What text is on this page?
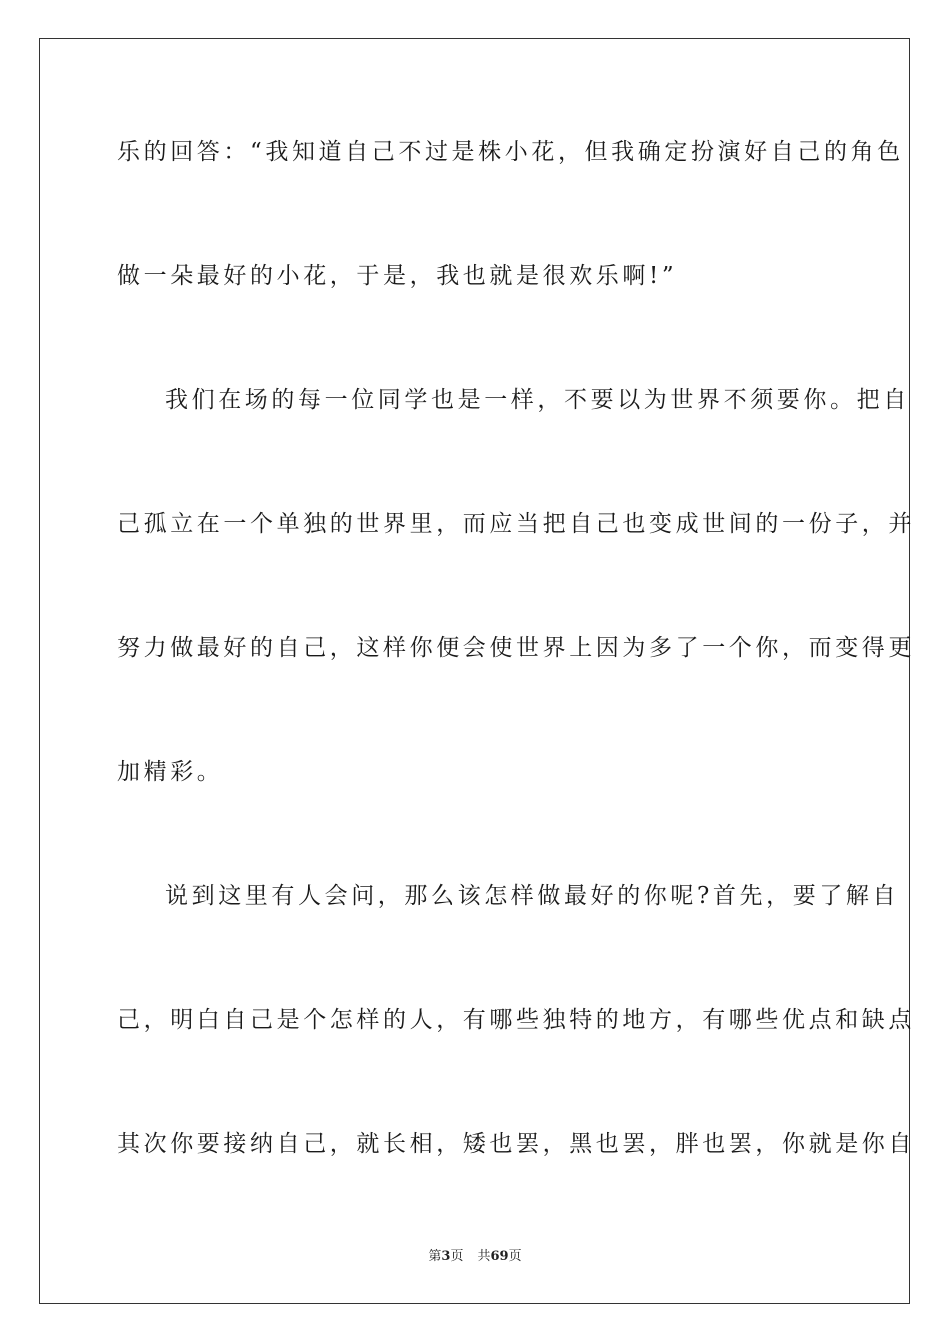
乐的回答：“我知道自己不过是株小花，但我确定扮演好自己的角色
做一朵最好的小花，于是，我也就是很欢乐啊!”
我们在场的每一位同学也是一样，不要以为世界不须要你。把自
己孤立在一个单独的世界里，而应当把自己也变成世间的一份子，并
努力做最好的自己，这样你便会使世界上因为多了一个你，而变得更
加精彩。
说到这里有人会问，那么该怎样做最好的你呢?首先，要了解自
己，明白自己是个怎样的人，有哪些独特的地方，有哪些优点和缺点
其次你要接纳自己，就长相，矮也罢，黑也罢，胖也罢，你就是你自
第3页 共69页
